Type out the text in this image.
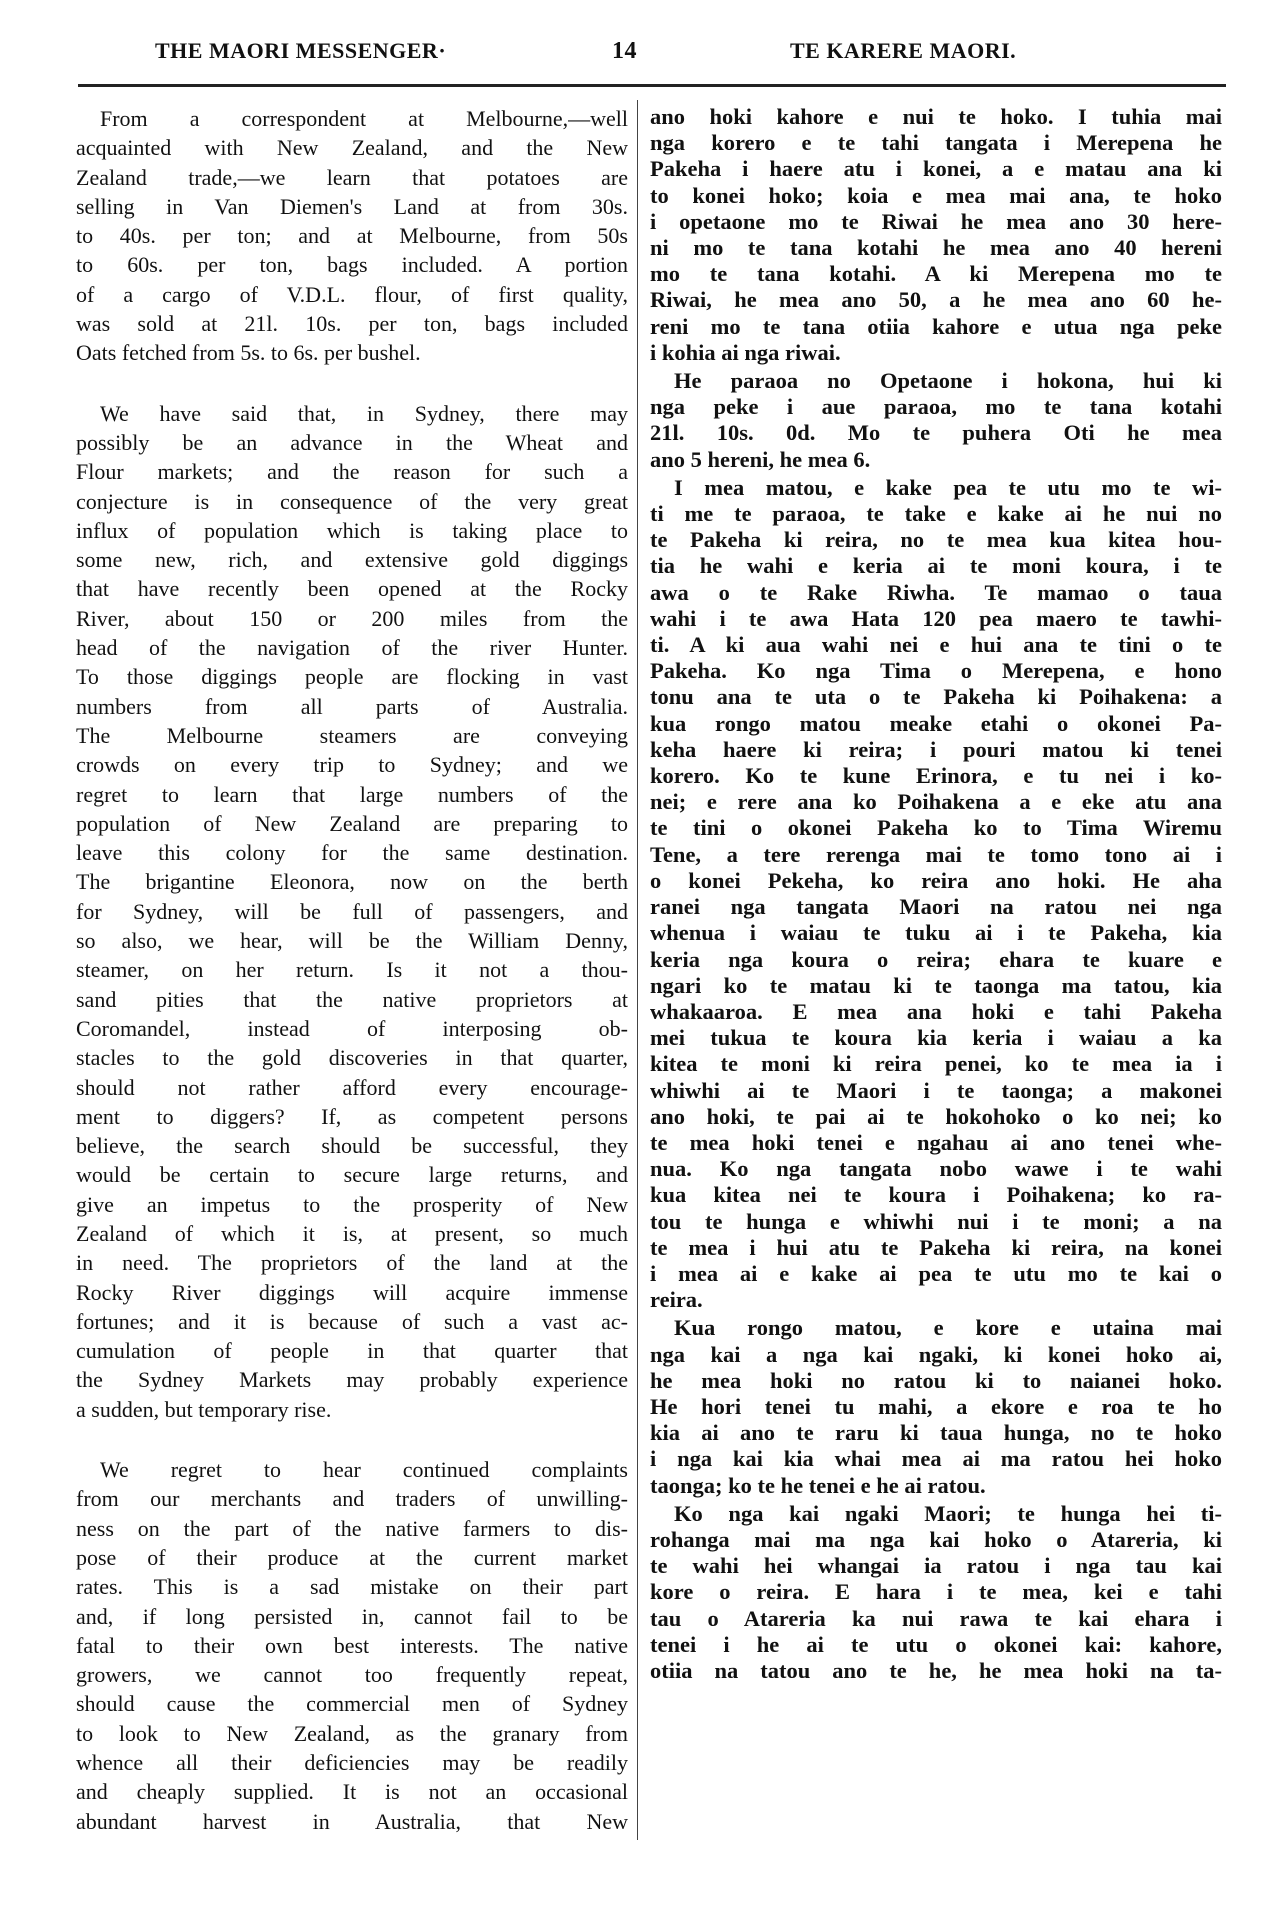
THE MAORI MESSENGER·	14	TE KARERE MAORI.
From a correspondent at Melbourne,—well
acquainted with New Zealand, and the New
Zealand trade,—we learn that potatoes are
selling in Van Diemen's Land at from 30s.
to 40s. per ton; and at Melbourne, from 50s
to 60s. per ton, bags included. A portion
of a cargo of V.D.L. flour, of first quality,
was sold at 21l. 10s. per ton, bags included
Oats fetched from 5s. to 6s. per bushel.
We have said that, in Sydney, there may
possibly be an advance in the Wheat and
Flour markets; and the reason for such a
conjecture is in consequence of the very great
influx of population which is taking place to
some new, rich, and extensive gold diggings
that have recently been opened at the Rocky
River, about 150 or 200 miles from the
head of the navigation of the river Hunter.
To those diggings people are flocking in vast
numbers from all parts of Australia.
The Melbourne steamers are conveying
crowds on every trip to Sydney; and we
regret to learn that large numbers of the
population of New Zealand are preparing to
leave this colony for the same destination.
The brigantine Eleonora, now on the berth
for Sydney, will be full of passengers, and
so also, we hear, will be the William Denny,
steamer, on her return. Is it not a thou-
sand pities that the native proprietors at
Coromandel, instead of interposing ob-
stacles to the gold discoveries in that quarter,
should not rather afford every encourage-
ment to diggers? If, as competent persons
believe, the search should be successful, they
would be certain to secure large returns, and
give an impetus to the prosperity of New
Zealand of which it is, at present, so much
in need. The proprietors of the land at the
Rocky River diggings will acquire immense
fortunes; and it is because of such a vast ac-
cumulation of people in that quarter that
the Sydney Markets may probably experience
a sudden, but temporary rise.
We regret to hear continued complaints
from our merchants and traders of unwilling-
ness on the part of the native farmers to dis-
pose of their produce at the current market
rates. This is a sad mistake on their part
and, if long persisted in, cannot fail to be
fatal to their own best interests. The native
growers, we cannot too frequently repeat,
should cause the commercial men of Sydney
to look to New Zealand, as the granary from
whence all their deficiencies may be readily
and cheaply supplied. It is not an occasional
abundant harvest in Australia, that New
ano hoki kahore e nui te hoko. I tuhia mai
nga korero e te tahi tangata i Merepena he
Pakeha i haere atu i konei, a e matau ana ki
to konei hoko; koia e mea mai ana, te hoko
i opetaone mo te Riwai he mea ano 30 here-
ni mo te tana kotahi he mea ano 40 hereni
mo te tana kotahi. A ki Merepena mo te
Riwai, he mea ano 50, a he mea ano 60 he-
reni mo te tana otiia kahore e utua nga peke
i kohia ai nga riwai.
He paraoa no Opetaone i hokona, hui ki
nga peke i aue paraoa, mo te tana kotahi
21l. 10s. 0d. Mo te puhera Oti he mea
ano 5 hereni, he mea 6.
I mea matou, e kake pea te utu mo te wi-
ti me te paraoa, te take e kake ai he nui no
te Pakeha ki reira, no te mea kua kitea hou-
tia he wahi e keria ai te moni koura, i te
awa o te Rake Riwha. Te mamao o taua
wahi i te awa Hata 120 pea maero te tawhi-
ti. A ki aua wahi nei e hui ana te tini o te
Pakeha. Ko nga Tima o Merepena, e hono
tonu ana te uta o te Pakeha ki Poihakena: a
kua rongo matou meake etahi o okonei Pa-
keha haere ki reira; i pouri matou ki tenei
korero. Ko te kune Erinora, e tu nei i ko-
nei; e rere ana ko Poihakena a e eke atu ana
te tini o okonei Pakeha ko to Tima Wiremu
Tene, a tere rerenga mai te tomo tono ai i
o konei Pekeha, ko reira ano hoki. He aha
ranei nga tangata Maori na ratou nei nga
whenua i waiau te tuku ai i te Pakeha, kia
keria nga koura o reira; ehara te kuare e
ngari ko te matau ki te taonga ma tatou, kia
whakaaroa. E mea ana hoki e tahi Pakeha
mei tukua te koura kia keria i waiau a ka
kitea te moni ki reira penei, ko te mea ia i
whiwhi ai te Maori i te taonga; a makonei
ano hoki, te pai ai te hokohoko o ko nei; ko
te mea hoki tenei e ngahau ai ano tenei whe-
nua. Ko nga tangata nobo wawe i te wahi
kua kitea nei te koura i Poihakena; ko ra-
tou te hunga e whiwhi nui i te moni; a na
te mea i hui atu te Pakeha ki reira, na konei
i mea ai e kake ai pea te utu mo te kai o
reira.
Kua rongo matou, e kore e utaina mai
nga kai a nga kai ngaki, ki konei hoko ai,
he mea hoki no ratou ki to naianei hoko.
He hori tenei tu mahi, a ekore e roa te ho
kia ai ano te raru ki taua hunga, no te hoko
i nga kai kia whai mea ai ma ratou hei hoko
taonga; ko te he tenei e he ai ratou.
Ko nga kai ngaki Maori; te hunga hei ti-
rohanga mai ma nga kai hoko o Atareria, ki
te wahi hei whangai ia ratou i nga tau kai
kore o reira. E hara i te mea, kei e tahi
tau o Atareria ka nui rawa te kai ehara i
tenei i he ai te utu o okonei kai: kahore,
otiia na tatou ano te he, he mea hoki na ta-
